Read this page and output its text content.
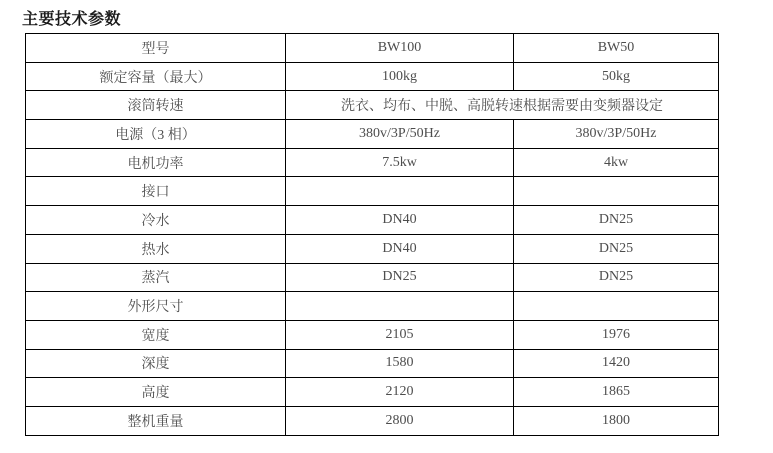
主要技术参数
型号	BW100	BW50
额定容量（最大）	100kg	50kg
滚筒转速	洗衣、均布、中脱、高脱转速根据需要由变频器设定	
电源（3 相）	380v/3P/50Hz	380v/3P/50Hz
电机功率	7.5kw	4kw
接口		
冷水	DN40	DN25
热水	DN40	DN25
蒸汽	DN25	DN25
外形尺寸		
宽度	2105	1976
深度	1580	1420
高度	2120	1865
整机重量	2800	1800
